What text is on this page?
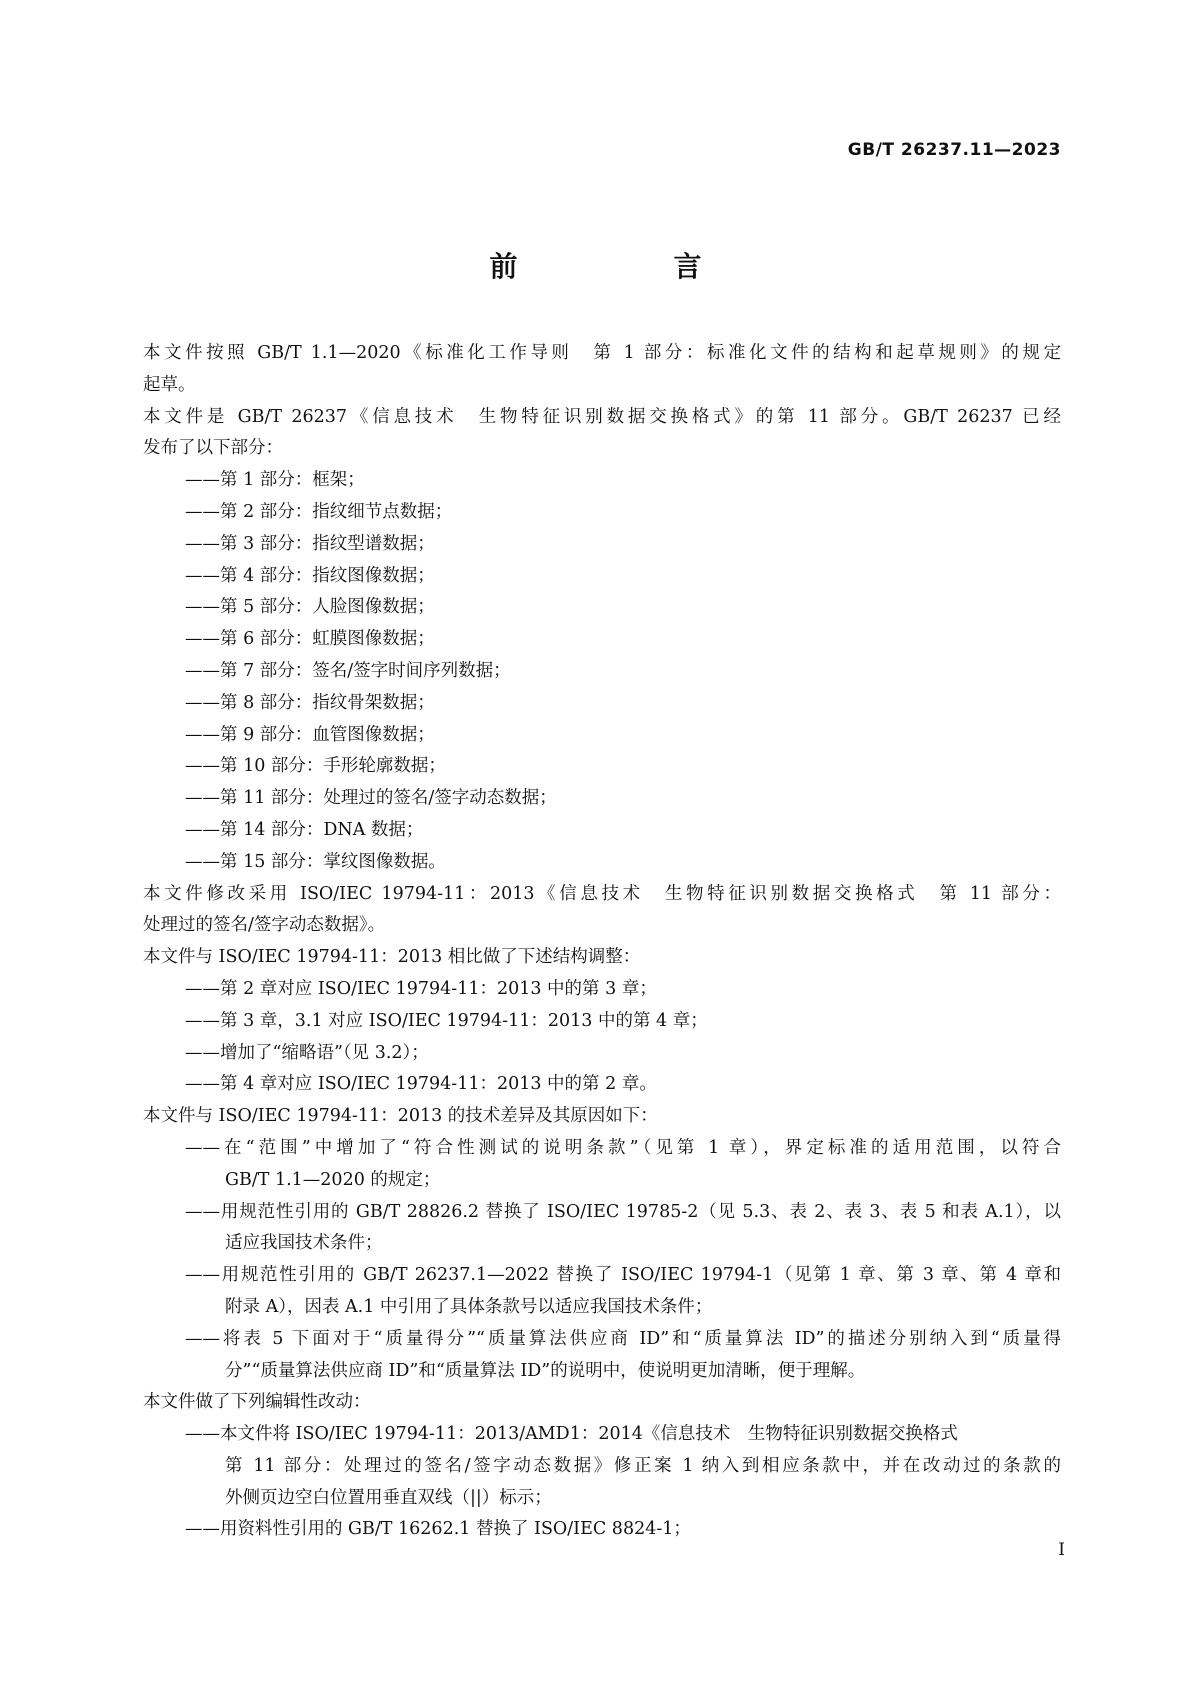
GB/T 26237.11—2023
前　言
本文件按照 GB/T 1.1—2020《标准化工作导则　第 1 部分：标准化文件的结构和起草规则》的规定
起草。
本文件是 GB/T 26237《信息技术　生物特征识别数据交换格式》的第 11 部分。GB/T 26237 已经
发布了以下部分：
——第 1 部分：框架；
——第 2 部分：指纹细节点数据；
——第 3 部分：指纹型谱数据；
——第 4 部分：指纹图像数据；
——第 5 部分：人脸图像数据；
——第 6 部分：虹膜图像数据；
——第 7 部分：签名/签字时间序列数据；
——第 8 部分：指纹骨架数据；
——第 9 部分：血管图像数据；
——第 10 部分：手形轮廓数据；
——第 11 部分：处理过的签名/签字动态数据；
——第 14 部分：DNA 数据；
——第 15 部分：掌纹图像数据。
本文件修改采用 ISO/IEC 19794-11：2013《信息技术　生物特征识别数据交换格式　第 11 部分：
处理过的签名/签字动态数据》。
本文件与 ISO/IEC 19794-11：2013 相比做了下述结构调整：
——第 2 章对应 ISO/IEC 19794-11：2013 中的第 3 章；
——第 3 章，3.1 对应 ISO/IEC 19794-11：2013 中的第 4 章；
——增加了“缩略语”（见 3.2）；
——第 4 章对应 ISO/IEC 19794-11：2013 中的第 2 章。
本文件与 ISO/IEC 19794-11：2013 的技术差异及其原因如下：
——在“范围”中增加了“符合性测试的说明条款”（见第 1 章），界定标准的适用范围，以符合
GB/T 1.1—2020 的规定；
——用规范性引用的 GB/T 28826.2 替换了 ISO/IEC 19785-2（见 5.3、表 2、表 3、表 5 和表 A.1），以
适应我国技术条件；
——用规范性引用的 GB/T 26237.1—2022 替换了 ISO/IEC 19794-1（见第 1 章、第 3 章、第 4 章和
附录 A），因表 A.1 中引用了具体条款号以适应我国技术条件；
——将表 5 下面对于“质量得分”“质量算法供应商 ID”和“质量算法 ID”的描述分别纳入到“质量得
分”“质量算法供应商 ID”和“质量算法 ID”的说明中，使说明更加清晰，便于理解。
本文件做了下列编辑性改动：
——本文件将 ISO/IEC 19794-11：2013/AMD1：2014《信息技术　生物特征识别数据交换格式
第 11 部分：处理过的签名/签字动态数据》修正案 1 纳入到相应条款中，并在改动过的条款的
外侧页边空白位置用垂直双线（||）标示；
——用资料性引用的 GB/T 16262.1 替换了 ISO/IEC 8824-1；
I
